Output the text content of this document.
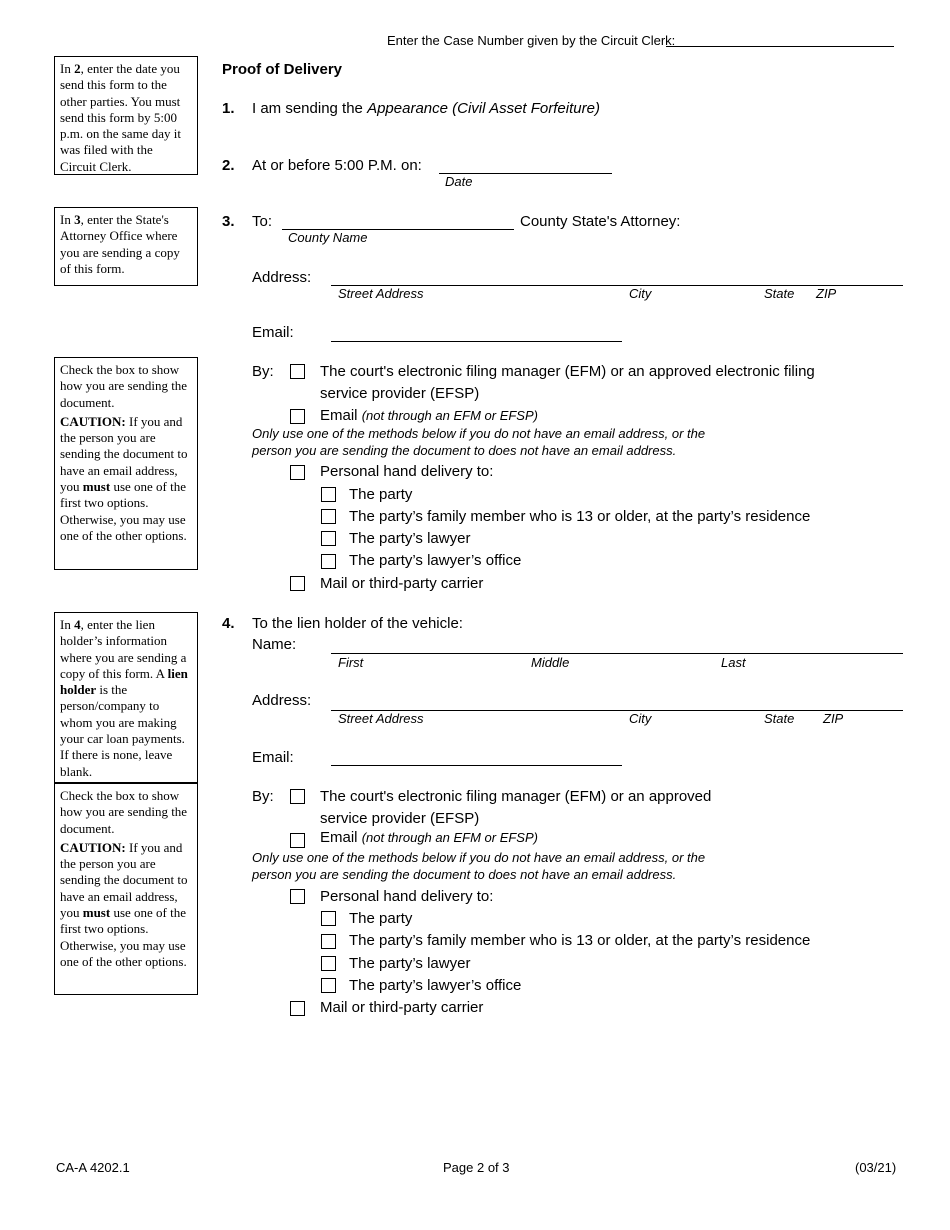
Enter the Case Number given by the Circuit Clerk:

In 2, enter the date you send this form to the other parties. You must send this form by 5:00 p.m. on the same day it was filed with the Circuit Clerk.

In 3, enter the State's Attorney Office where you are sending a copy of this form.

Check the box to show how you are sending the document.

CAUTION: If you and the person you are sending the document to have an email address, you must use one of the first two options. Otherwise, you may use one of the other options.

In 4, enter the lien holder’s information where you are sending a copy of this form. A lien holder is the person/company to whom you are making your car loan payments. If there is none, leave blank.

Check the box to show how you are sending the document.

CAUTION: If you and the person you are sending the document to have an email address, you must use one of the first two options. Otherwise, you may use one of the other options.

Proof of Delivery
1. I am sending the Appearance (Civil Asset Forfeiture)
2. At or before 5:00 P.M. on:
Date
3. To:
County Name
County State's Attorney:
Address:
Street Address	City	State ZIP
Email:
By:	The court's electronic filing manager (EFM) or an approved electronic filing
service provider (EFSP)
Email (not through an EFM or EFSP)
Only use one of the methods below if you do not have an email address, or the
person you are sending the document to does not have an email address.
Personal hand delivery to:
The party
The party’s family member who is 13 or older, at the party’s residence
The party’s lawyer
The party’s lawyer’s office
Mail or third-party carrier
4. To the lien holder of the vehicle:
Name:
First	Middle	Last
Address:
Street Address	City	State ZIP
Email:
By:	The court's electronic filing manager (EFM) or an approved
service provider (EFSP)
Email (not through an EFM or EFSP)
Only use one of the methods below if you do not have an email address, or the
person you are sending the document to does not have an email address.
Personal hand delivery to:
The party
The party’s family member who is 13 or older, at the party’s residence
The party’s lawyer
The party’s lawyer’s office
Mail or third-party carrier
CA-A 4202.1	Page 2 of 3	(03/21)
